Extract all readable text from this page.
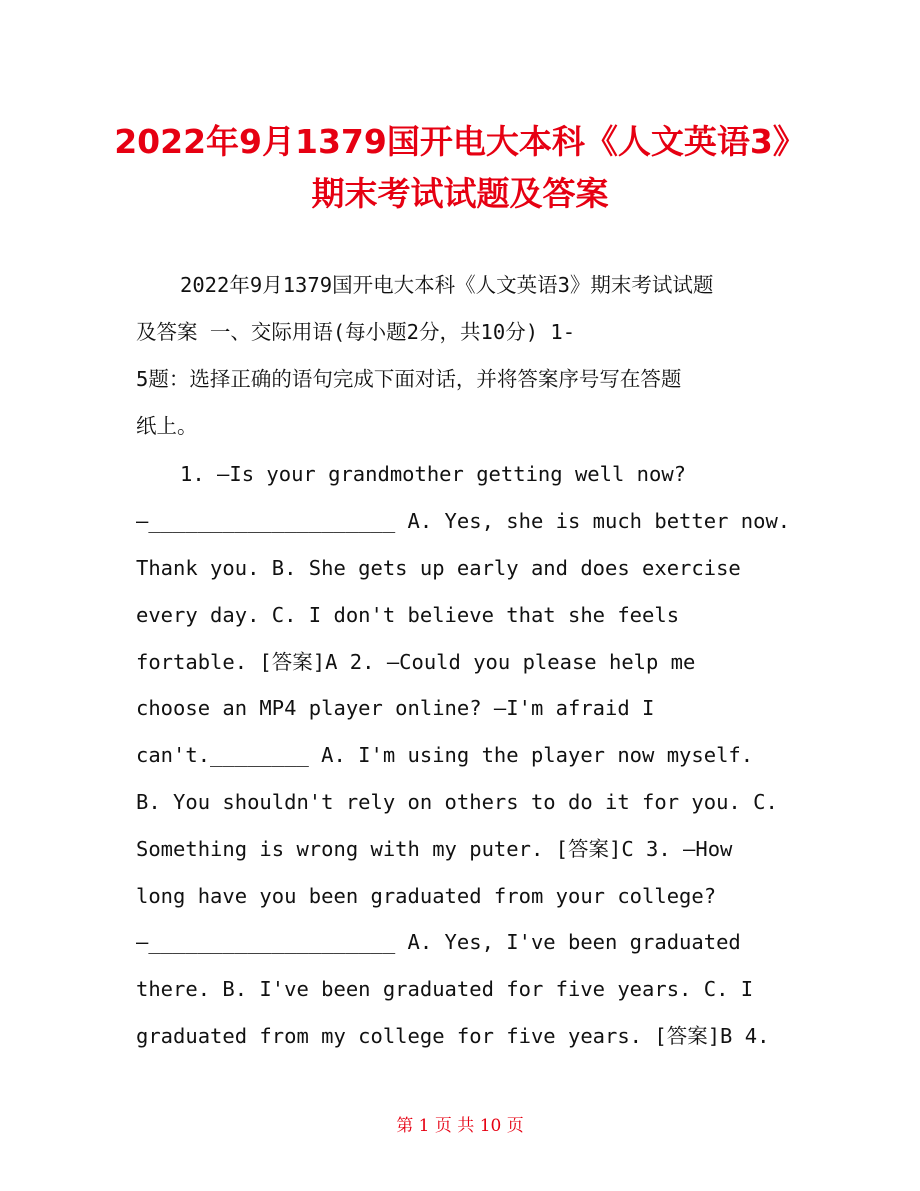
2022年9月1379国开电大本科《人文英语3》
期末考试试题及答案

2022年9月1379国开电大本科《人文英语3》期末考试试题

及答案 一、交际用语(每小题2分，共10分) 1-

5题：选择正确的语句完成下面对话，并将答案序号写在答题

纸上。

1. —Is your grandmother getting well now?

—____________________ A. Yes, she is much better now.

Thank you. B. She gets up early and does exercise

every day. C. I don't believe that she feels

fortable. [答案]A 2. —Could you please help me

choose an MP4 player online? —I'm afraid I

can't.________ A. I'm using the player now myself.

B. You shouldn't rely on others to do it for you. C.

Something is wrong with my puter. [答案]C 3. —How

long have you been graduated from your college?

—____________________ A. Yes, I've been graduated

there. B. I've been graduated for five years. C. I

graduated from my college for five years. [答案]B 4.

第 1 页 共 10 页
